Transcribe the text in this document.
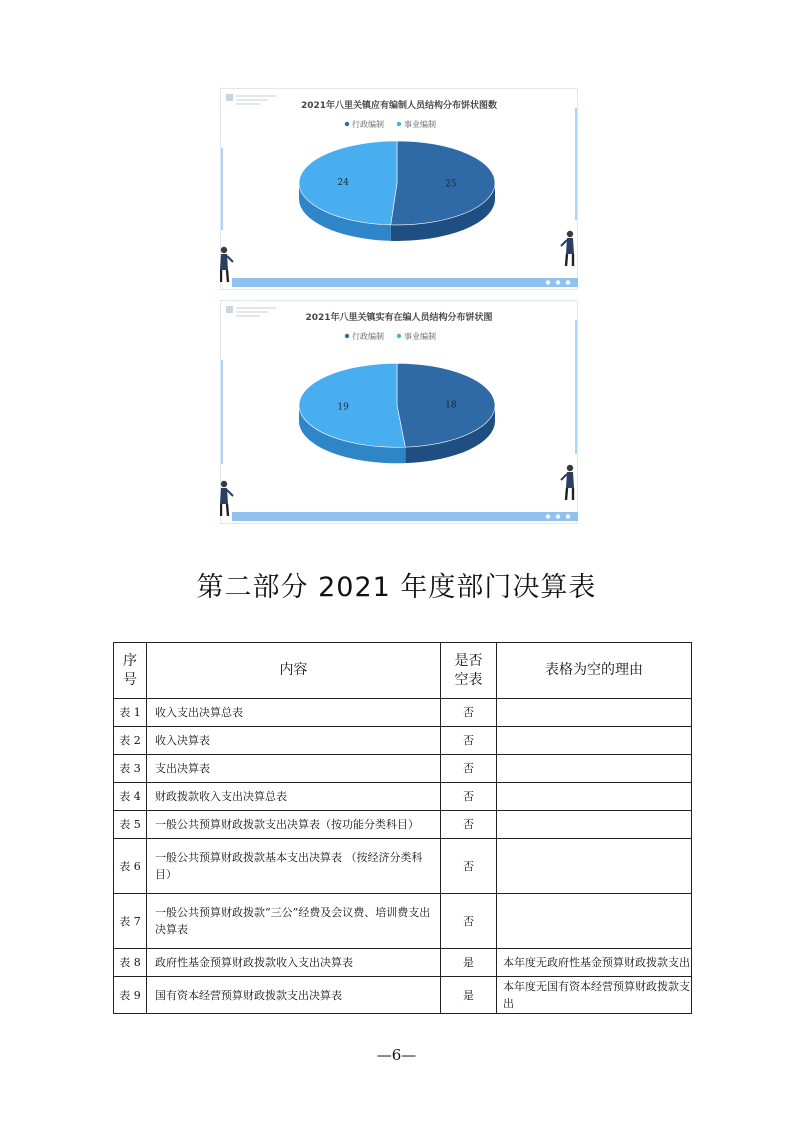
2021年八里关镇应有编制人员结构分布饼状图数
行政编制	事业编制
25
24
2021年八里关镇实有在编人员结构分布饼状图
行政编制	事业编制
18
19
第二部分 2021 年度部门决算表
序号	内容	是否空表	表格为空的理由
表 1	收入支出决算总表	否	
表 2	收入决算表	否	
表 3	支出决算表	否	
表 4	财政拨款收入支出决算总表	否	
表 5	一般公共预算财政拨款支出决算表（按功能分类科目）	否	
表 6	一般公共预算财政拨款基本支出决算表 （按经济分类科目）	否	
表 7	一般公共预算财政拨款“三公”经费及会议费、培训费支出决算表	否	
表 8	政府性基金预算财政拨款收入支出决算表	是	本年度无政府性基金预算财政拨款支出
表 9	国有资本经营预算财政拨款支出决算表	是	本年度无国有资本经营预算财政拨款支出
—6—
